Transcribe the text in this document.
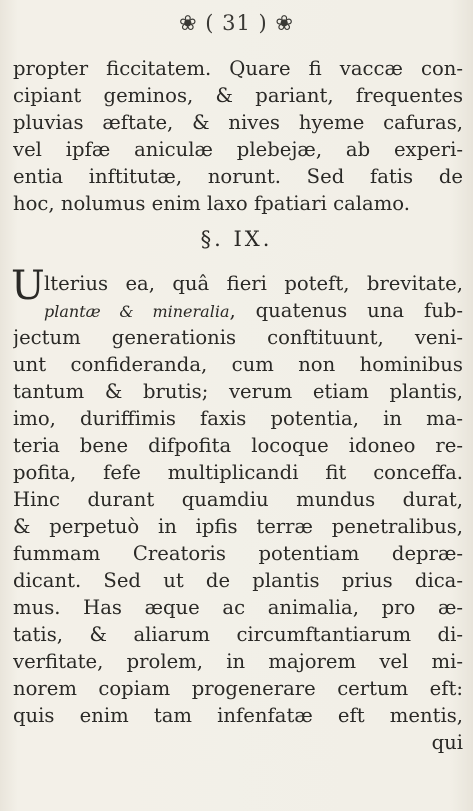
❀ ( 31 ) ❀
propter ficcitatem. Quare fi vaccæ con-
cipiant geminos, & pariant, frequentes
pluvias æftate, & nives hyeme cafuras,
vel ipfæ aniculæ plebejæ, ab experi-
entia inftitutæ, norunt. Sed fatis de
hoc, nolumus enim laxo fpatiari calamo.
§. IX.
U lterius ea, quâ fieri poteft, brevitate,
plantæ & mineralia, quatenus una fub-
jectum generationis conftituunt, veni-
unt confideranda, cum non hominibus
tantum & brutis; verum etiam plantis,
imo, duriffimis faxis potentia, in ma-
teria bene difpofita locoque idoneo re-
pofita, fefe multiplicandi fit conceffa.
Hinc durant quamdiu mundus durat,
& perpetuò in ipfis terræ penetralibus,
fummam Creatoris potentiam depræ-
dicant. Sed ut de plantis prius dica-
mus. Has æque ac animalia, pro æ-
tatis, & aliarum circumftantiarum di-
verfitate, prolem, in majorem vel mi-
norem copiam progenerare certum eft:
quis enim tam infenfatæ eft mentis,
qui
